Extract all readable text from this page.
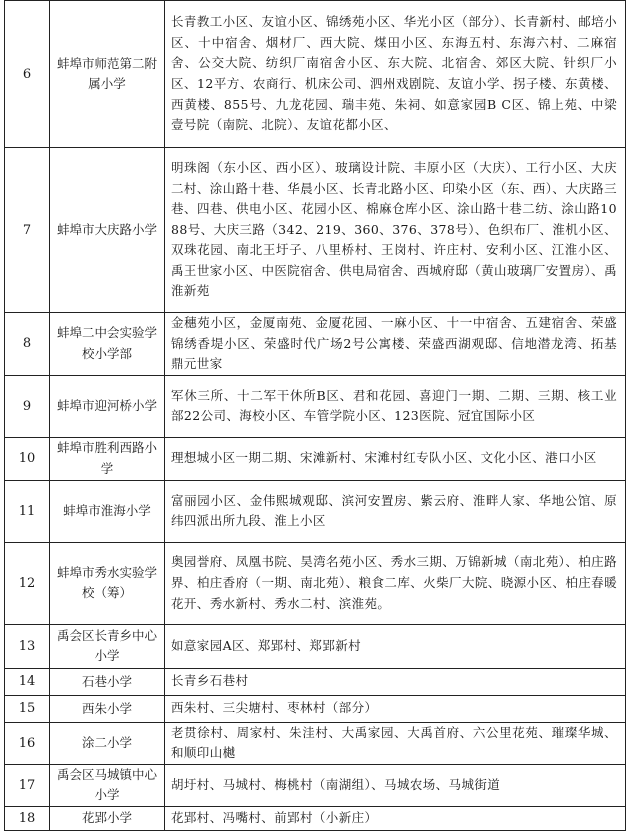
6	蚌埠市师范第二附属小学	长青教工小区、友谊小区、锦绣苑小区、华光小区（部分）、长青新村、邮培小区、十中宿舍、烟材厂、西大院、煤田小区、东海五村、东海六村、二麻宿舍、公交大院、纺织厂南宿舍小区、东大院、北宿舍、郊区大院、针织厂小区、12平方、农商行、机床公司、泗州戏剧院、友谊小学、拐子楼、东黄楼、西黄楼、855号、九龙花园、瑞丰苑、朱祠、如意家园B C区、锦上苑、中梁壹号院（南院、北院）、友谊花都小区、
7	蚌埠市大庆路小学	明珠阁（东小区、西小区）、玻璃设计院、丰原小区（大庆）、工行小区、大庆二村、涂山路十巷、华晨小区、长青北路小区、印染小区（东、西）、大庆路三巷、四巷、供电小区、花园小区、棉麻仓库小区、涂山路十巷二纺、涂山路1088号、大庆三路（342、219、360、376、378号）、色织布厂、淮机小区、双珠花园、南北王圩子、八里桥村、王岗村、许庄村、安利小区、江淮小区、禹王世家小区、中医院宿舍、供电局宿舍、西城府邸（黄山玻璃厂安置房）、禹淮新苑
8	蚌埠二中会实验学校小学部	金穗苑小区，金厦南苑、金厦花园、一麻小区、十一中宿舍、五建宿舍、荣盛锦绣香堤小区、荣盛时代广场2号公寓楼、荣盛西湖观邸、信地潜龙湾、拓基鼎元世家
9	蚌埠市迎河桥小学	军休三所、十二军干休所B区、君和花园、喜迎门一期、二期、三期、核工业部22公司、海校小区、车管学院小区、123医院、冠宜国际小区
10	蚌埠市胜利西路小学	理想城小区一期二期、宋滩新村、宋滩村红专队小区、文化小区、港口小区
11	蚌埠市淮海小学	富丽园小区、金伟熙城观邸、滨河安置房、紫云府、淮畔人家、华地公馆、原纬四派出所九段、淮上小区
12	蚌埠市秀水实验学校（筹）	奥园誉府、凤凰书院、昊湾名苑小区、秀水三期、万锦新城（南北苑）、柏庄路界、柏庄香府（一期、南北苑）、粮食二库、火柴厂大院、晓源小区、柏庄春暖花开、秀水新村、秀水二村、滨淮苑。
13	禹会区长青乡中心小学	如意家园A区、郑郢村、郑郢新村
14	石巷小学	长青乡石巷村
15	西朱小学	西朱村、三尖塘村、枣林村（部分）
16	涂二小学	老贯徐村、周家村、朱洼村、大禹家园、大禹首府、六公里花苑、璀璨华城、和顺印山樾
17	禹会区马城镇中心小学	胡圩村、马城村、梅桃村（南湖组）、马城农场、马城街道
18	花郢小学	花郢村、冯嘴村、前郢村（小新庄）
